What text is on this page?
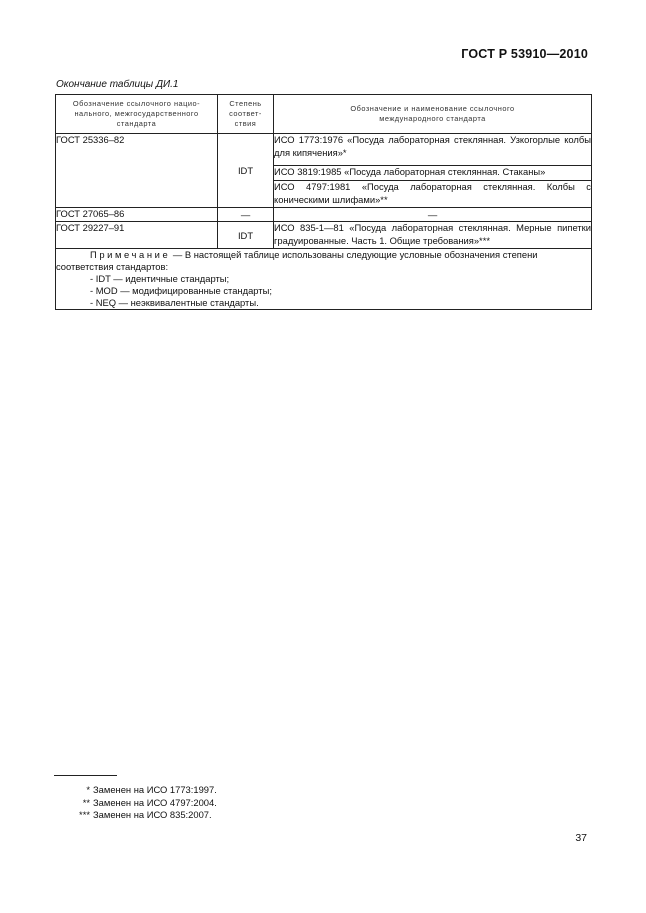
ГОСТ Р 53910—2010
Окончание таблицы ДИ.1
Обозначение ссылочного нацио-нального, межгосударственного стандарта	Степень соответ-ствия	Обозначение и наименование ссылочного международного стандарта
ГОСТ 25336–82	IDT	ИСО 1773:1976 «Посуда лабораторная стеклянная. Узкогорлые колбы для кипячения»*
		ИСО 3819:1985 «Посуда лабораторная стеклянная. Стаканы»
		ИСО 4797:1981 «Посуда лабораторная стеклянная. Колбы с коническими шлифами»**
ГОСТ 27065–86	—	—
ГОСТ 29227–91	IDT	ИСО 835-1—81 «Посуда лабораторная стеклянная. Мерные пипетки градуированные. Часть 1. Общие требования»***

Примечание — В настоящей таблице использованы следующие условные обозначения степени соответствия стандартов:
- IDT — идентичные стандарты;
- MOD — модифицированные стандарты;
- NEQ — неэквивалентные стандарты.		
* Заменен на ИСО 1773:1997.
** Заменен на ИСО 4797:2004.
*** Заменен на ИСО 835:2007.
37
